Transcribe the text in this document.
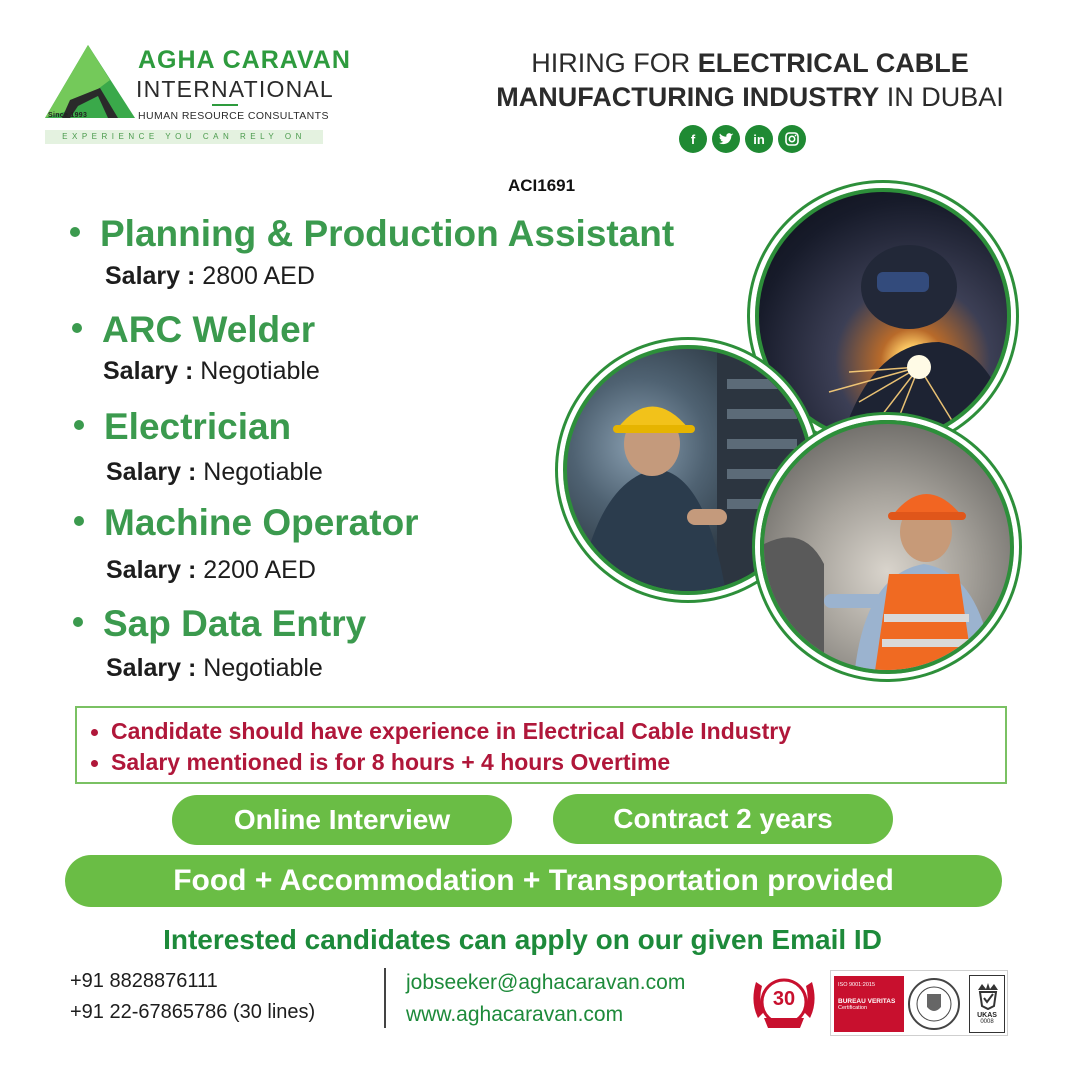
Since 1993
AGHA CARAVAN
INTERNATIONAL
HUMAN RESOURCE CONSULTANTS
EXPERIENCE YOU CAN RELY ON
HIRING FOR ELECTRICAL CABLE
MANUFACTURING INDUSTRY IN DUBAI
f	in
ACI1691
Planning & Production Assistant
Salary : 2800 AED
ARC Welder
Salary : Negotiable
Electrician
Salary : Negotiable
Machine Operator
Salary : 2200 AED
Sap Data Entry
Salary : Negotiable
Candidate should have experience in Electrical Cable Industry
Salary mentioned is for 8 hours + 4 hours Overtime
Online Interview	Contract 2 years
Food + Accommodation + Transportation provided
Interested candidates can apply on our given Email ID
+91 8828876111
+91 22-67865786 (30 lines)
jobseeker@aghacaravan.com
www.aghacaravan.com
30
ISO 9001:2015
BUREAU VERITAS
Certification
UKAS
0008
